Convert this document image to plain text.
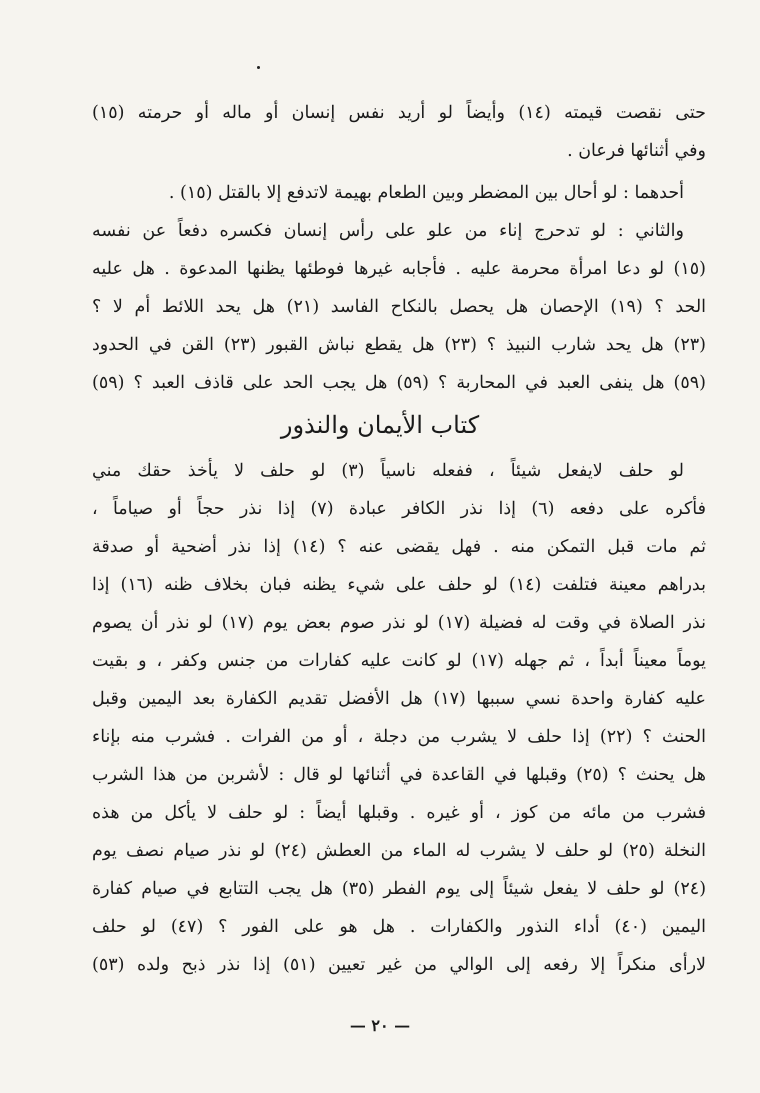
حتى نقصت قيمته (١٤) وأيضاً لو أريد نفس إنسان أو ماله أو حرمته (١٥)
وفي أثنائها فرعان .
أحدهما : لو أحال بين المضطر وبين الطعام بهيمة لاتدفع إلا بالقتل (١٥) .
والثاني : لو تدحرج إناء من علو على رأس إنسان فكسره دفعاً عن نفسه
(١٥) لو دعا امرأة محرمة عليه . فأجابه غيرها فوطئها يظنها المدعوة . هل عليه
الحد ؟ (١٩) الإحصان هل يحصل بالنكاح الفاسد (٢١) هل يحد اللائط أم لا ؟
(٢٣) هل يحد شارب النبيذ ؟ (٢٣) هل يقطع نباش القبور (٢٣) القن في الحدود
(٥٩) هل ينفى العبد في المحاربة ؟ (٥٩) هل يجب الحد على قاذف العبد ؟ (٥٩)
كتاب الأيمان والنذور
لو حلف لايفعل شيئاً ، ففعله ناسياً (٣) لو حلف لا يأخذ حقك مني
فأكره على دفعه (٦) إذا نذر الكافر عبادة (٧) إذا نذر حجاً أو صياماً ،
ثم مات قبل التمكن منه . فهل يقضى عنه ؟ (١٤) إذا نذر أضحية أو صدقة
بدراهم معينة فتلفت (١٤) لو حلف على شيء يظنه فبان بخلاف ظنه (١٦) إذا
نذر الصلاة في وقت له فضيلة (١٧) لو نذر صوم بعض يوم (١٧) لو نذر أن يصوم
يوماً معيناً أبداً ، ثم جهله (١٧) لو كانت عليه كفارات من جنس وكفر ، و بقيت
عليه كفارة واحدة نسي سببها (١٧) هل الأفضل تقديم الكفارة بعد اليمين وقبل
الحنث ؟ (٢٢) إذا حلف لا يشرب من دجلة ، أو من الفرات . فشرب منه بإناء
هل يحنث ؟ (٢٥) وقبلها في القاعدة في أثنائها لو قال : لأشربن من هذا الشرب
فشرب من مائه من كوز ، أو غيره . وقبلها أيضاً : لو حلف لا يأكل من هذه
النخلة (٢٥) لو حلف لا يشرب له الماء من العطش (٢٤) لو نذر صيام نصف يوم
(٢٤) لو حلف لا يفعل شيئاً إلى يوم الفطر (٣٥) هل يجب التتابع في صيام كفارة
اليمين (٤٠) أداء النذور والكفارات . هل هو على الفور ؟ (٤٧) لو حلف
لارأى منكراً إلا رفعه إلى الوالي من غير تعيين (٥١) إذا نذر ذبح ولده (٥٣)
— ٢٠ —
